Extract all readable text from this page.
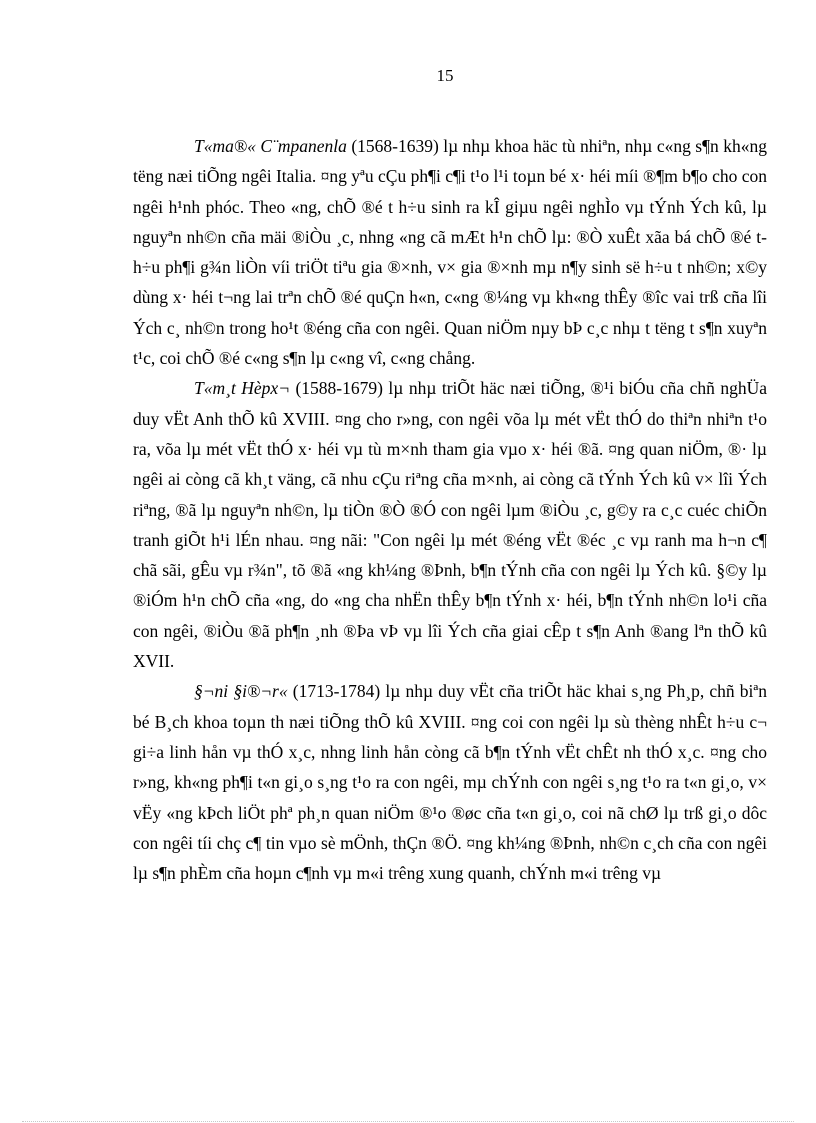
15

T«ma®« C¨mpanenla (1568-1639) lµ nhµ khoa häc tù nhiªn, nhµ c«ng s¶n kh«ng tëng næi tiÕng ngêi Italia. ¤ng yªu cÇu ph¶i c¶i t¹o l¹i toµn bé x· héi míi ®¶m b¶o cho con ngêi h¹nh phóc. Theo «ng, chÕ ®é t h÷u sinh ra kÎ giµu ngêi nghÌo vµ tÝnh Ých kû, lµ nguyªn nh©n cña mäi ®iÒu ¸c, nhng «ng cã mÆt h¹n chÕ lµ: ®Ò xuÊt xãa bá chÕ ®é t h÷u ph¶i g¾n liÒn víi triÖt tiªu gia ®×nh, v× gia ®×nh mµ n¶y sinh së h÷u t nh©n; x©y dùng x· héi t¬ng lai trªn chÕ ®é quÇn h«n, c«ng ®¼ng vµ kh«ng thÊy ®îc vai trß cña lîi Ých c¸ nh©n trong ho¹t ®éng cña con ngêi. Quan niÖm nµy bÞ c¸c nhµ t tëng t s¶n xuyªn t¹c, coi chÕ ®é c«ng s¶n lµ c«ng vî, c«ng chång.

T«m¸t Hèpx¬ (1588-1679) lµ nhµ triÕt häc næi tiÕng, ®¹i biÓu cña chñ nghÜa duy vËt Anh thÕ kû XVIII. ¤ng cho r»ng, con ngêi võa lµ mét vËt thÓ do thiªn nhiªn t¹o ra, võa lµ mét vËt thÓ x· héi vµ tù m×nh tham gia vµo x· héi ®ã. ¤ng quan niÖm, ®· lµ ngêi ai còng cã kh¸t väng, cã nhu cÇu riªng cña m×nh, ai còng cã tÝnh Ých kû v× lîi Ých riªng, ®ã lµ nguyªn nh©n, lµ tiÒn ®Ò ®Ó con ngêi lµm ®iÒu ¸c, g©y ra c¸c cuéc chiÕn tranh giÕt h¹i lÉn nhau. ¤ng nãi: "Con ngêi lµ mét ®éng vËt ®éc ¸c vµ ranh ma h¬n c¶ chã sãi, gÊu vµ r¾n", tõ ®ã «ng kh¼ng ®Þnh, b¶n tÝnh cña con ngêi lµ Ých kû. §©y lµ ®iÓm h¹n chÕ cña «ng, do «ng cha nhËn thÊy b¶n tÝnh x· héi, b¶n tÝnh nh©n lo¹i cña con ngêi, ®iÒu ®ã ph¶n ¸nh ®Þa vÞ vµ lîi Ých cña giai cÊp t s¶n Anh ®ang lªn thÕ kû XVII.

§¬ni §i®¬r« (1713-1784) lµ nhµ duy vËt cña triÕt häc khai s¸ng Ph¸p, chñ biªn bé B¸ch khoa toµn th næi tiÕng thÕ kû XVIII. ¤ng coi con ngêi lµ sù thèng nhÊt h÷u c¬ gi÷a linh hån vµ thÓ x¸c, nhng linh hån còng cã b¶n tÝnh vËt chÊt nh thÓ x¸c. ¤ng cho r»ng, kh«ng ph¶i t«n gi¸o s¸ng t¹o ra con ngêi, mµ chÝnh con ngêi s¸ng t¹o ra t«n gi¸o, v× vËy «ng kÞch liÖt phª ph¸n quan niÖm ®¹o ®øc cña t«n gi¸o, coi nã chØ lµ trß gi¸o dôc con ngêi tíi chç c¶ tin vµo sè mÖnh, thÇn ®Ö. ¤ng kh¼ng ®Þnh, nh©n c¸ch cña con ngêi lµ s¶n phÈm cña hoµn c¶nh vµ m«i trêng xung quanh, chÝnh m«i trêng vµ
